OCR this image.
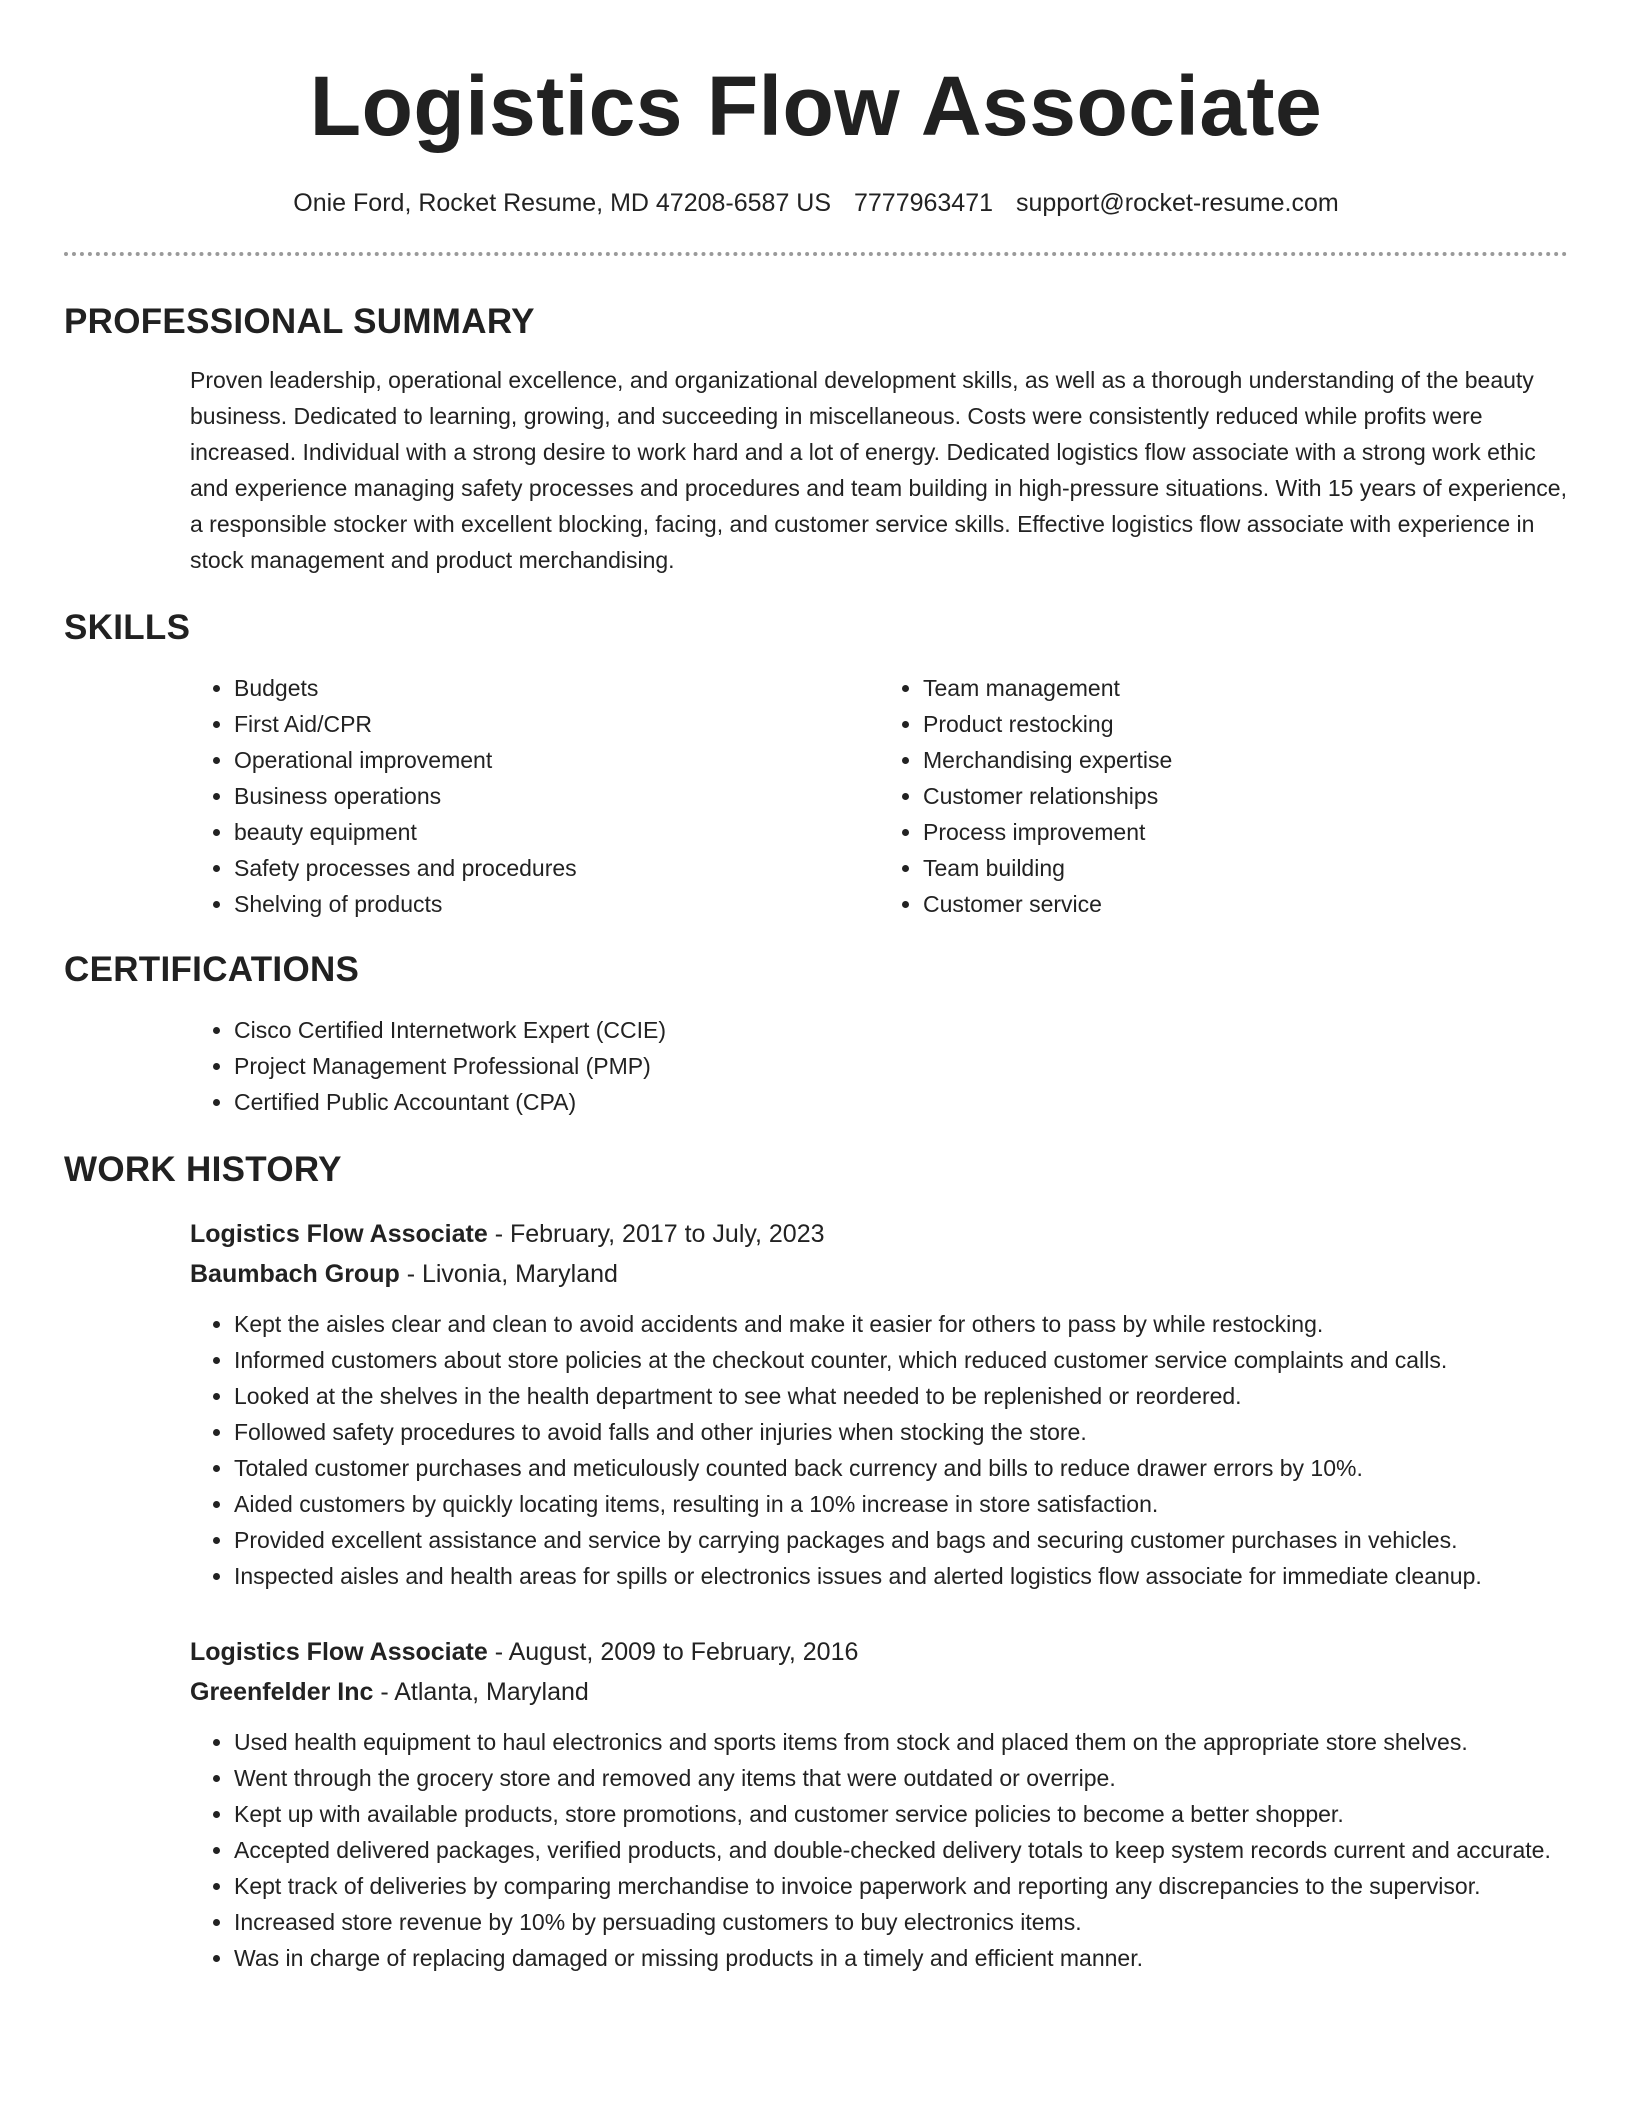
Logistics Flow Associate
Onie Ford, Rocket Resume, MD 47208-6587 US 7777963471 support@rocket-resume.com
PROFESSIONAL SUMMARY

Proven leadership, operational excellence, and organizational development skills, as well as a thorough understanding of the beauty business. Dedicated to learning, growing, and succeeding in miscellaneous. Costs were consistently reduced while profits were increased. Individual with a strong desire to work hard and a lot of energy. Dedicated logistics flow associate with a strong work ethic and experience managing safety processes and procedures and team building in high-pressure situations. With 15 years of experience, a responsible stocker with excellent blocking, facing, and customer service skills. Effective logistics flow associate with experience in stock management and product merchandising.

SKILLS
• Budgets
• First Aid/CPR
• Operational improvement
• Business operations
• beauty equipment
• Safety processes and procedures
• Shelving of products
• Team management
• Product restocking
• Merchandising expertise
• Customer relationships
• Process improvement
• Team building
• Customer service
CERTIFICATIONS
• Cisco Certified Internetwork Expert (CCIE)
• Project Management Professional (PMP)
• Certified Public Accountant (CPA)
WORK HISTORY
Logistics Flow Associate - February, 2017 to July, 2023
Baumbach Group - Livonia, Maryland
• Kept the aisles clear and clean to avoid accidents and make it easier for others to pass by while restocking.
• Informed customers about store policies at the checkout counter, which reduced customer service complaints and calls.
• Looked at the shelves in the health department to see what needed to be replenished or reordered.
• Followed safety procedures to avoid falls and other injuries when stocking the store.
• Totaled customer purchases and meticulously counted back currency and bills to reduce drawer errors by 10%.
• Aided customers by quickly locating items, resulting in a 10% increase in store satisfaction.
• Provided excellent assistance and service by carrying packages and bags and securing customer purchases in vehicles.
• Inspected aisles and health areas for spills or electronics issues and alerted logistics flow associate for immediate cleanup.
Logistics Flow Associate - August, 2009 to February, 2016
Greenfelder Inc - Atlanta, Maryland
• Used health equipment to haul electronics and sports items from stock and placed them on the appropriate store shelves.
• Went through the grocery store and removed any items that were outdated or overripe.
• Kept up with available products, store promotions, and customer service policies to become a better shopper.
• Accepted delivered packages, verified products, and double-checked delivery totals to keep system records current and accurate.
• Kept track of deliveries by comparing merchandise to invoice paperwork and reporting any discrepancies to the supervisor.
• Increased store revenue by 10% by persuading customers to buy electronics items.
• Was in charge of replacing damaged or missing products in a timely and efficient manner.
